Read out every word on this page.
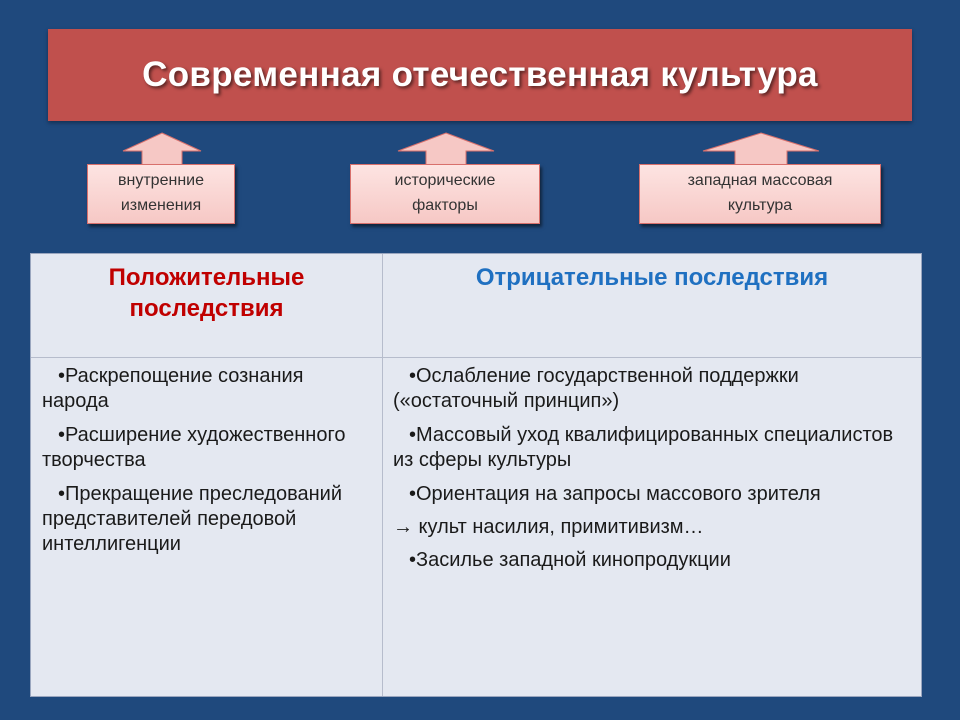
Современная отечественная культура
внутренние
изменения
исторические
факторы
западная массовая
культура
Положительные
последствия
Отрицательные последствия
•Раскрепощение сознания народа
•Расширение художественного творчества
•Прекращение преследований представителей передовой интеллигенции
•Ослабление государственной поддержки («остаточный принцип»)
•Массовый уход квалифицированных специалистов из сферы культуры
•Ориентация на запросы массового зрителя
→ культ насилия, примитивизм…
•Засилье западной кинопродукции
